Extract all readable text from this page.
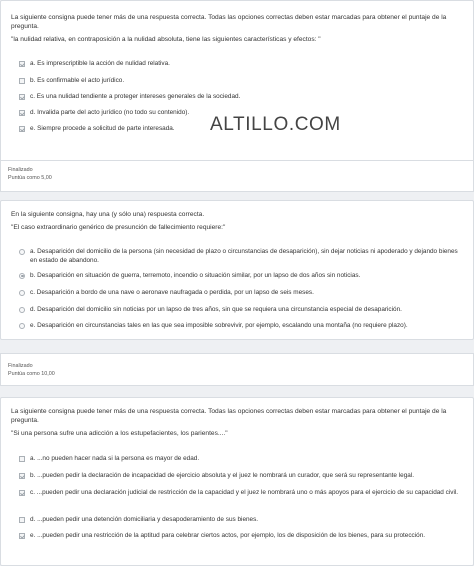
La siguiente consigna puede tener más de una respuesta correcta. Todas las opciones correctas deben estar marcadas para obtener el puntaje de la pregunta.
"la nulidad relativa, en contraposición a la nulidad absoluta, tiene las siguientes características y efectos: "
a. Es imprescriptible la acción de nulidad relativa.
b. Es confirmable el acto jurídico.
c. Es una nulidad tendiente a proteger intereses generales de la sociedad.
d. Invalida parte del acto jurídico (no todo su contenido).
e. Siempre procede a solicitud de parte interesada.	ALTILLO.COM
Finalizado
Puntúa como 5,00
En la siguiente consigna, hay una (y sólo una) respuesta correcta.
"El caso extraordinario genérico de presunción de fallecimiento requiere:"
a. Desaparición del domicilio de la persona (sin necesidad de plazo o circunstancias de desaparición), sin dejar noticias ni apoderado y dejando bienes en estado de abandono.
b. Desaparición en situación de guerra, terremoto, incendio o situación similar, por un lapso de dos años sin noticias.
c. Desaparición a bordo de una nave o aeronave naufragada o perdida, por un lapso de seis meses.
d. Desaparición del domicilio sin noticias por un lapso de tres años, sin que se requiera una circunstancia especial de desaparición.
e. Desaparición en circunstancias tales en las que sea imposible sobrevivir, por ejemplo, escalando una montaña (no requiere plazo).
Finalizado
Puntúa como 10,00
La siguiente consigna puede tener más de una respuesta correcta. Todas las opciones correctas deben estar marcadas para obtener el puntaje de la pregunta.
"Si una persona sufre una adicción a los estupefacientes, los parientes...."
a. ...no pueden hacer nada si la persona es mayor de edad.
b. ...pueden pedir la declaración de incapacidad de ejercicio absoluta y el juez le nombrará un curador, que será su representante legal.
c. ...pueden pedir una declaración judicial de restricción de la capacidad y el juez le nombrará uno o más apoyos para el ejercicio de su capacidad civil.
d. ...pueden pedir una detención domiciliaria y desapoderamiento de sus bienes.
e. ...pueden pedir una restricción de la aptitud para celebrar ciertos actos, por ejemplo, los de disposición de los bienes, para su protección.
